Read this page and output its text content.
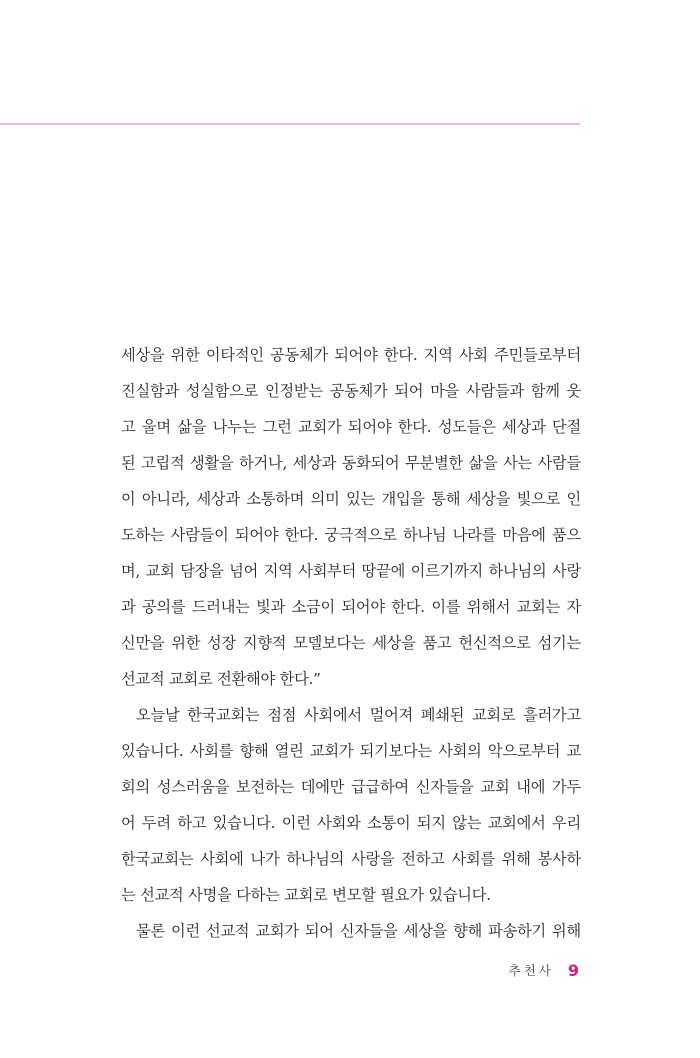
세상을 위한 이타적인 공동체가 되어야 한다. 지역 사회 주민들로부터
진실함과 성실함으로 인정받는 공동체가 되어 마을 사람들과 함께 웃
고 울며 삶을 나누는 그런 교회가 되어야 한다. 성도들은 세상과 단절
된 고립적 생활을 하거나, 세상과 동화되어 무분별한 삶을 사는 사람들
이 아니라, 세상과 소통하며 의미 있는 개입을 통해 세상을 빛으로 인
도하는 사람들이 되어야 한다. 궁극적으로 하나님 나라를 마음에 품으
며, 교회 담장을 넘어 지역 사회부터 땅끝에 이르기까지 하나님의 사랑
과 공의를 드러내는 빛과 소금이 되어야 한다. 이를 위해서 교회는 자
신만을 위한 성장 지향적 모델보다는 세상을 품고 헌신적으로 섬기는
선교적 교회로 전환해야 한다.”
오늘날 한국교회는 점점 사회에서 멀어져 폐쇄된 교회로 흘러가고
있습니다. 사회를 향해 열린 교회가 되기보다는 사회의 악으로부터 교
회의 성스러움을 보전하는 데에만 급급하여 신자들을 교회 내에 가두
어 두려 하고 있습니다. 이런 사회와 소통이 되지 않는 교회에서 우리
한국교회는 사회에 나가 하나님의 사랑을 전하고 사회를 위해 봉사하
는 선교적 사명을 다하는 교회로 변모할 필요가 있습니다.
물론 이런 선교적 교회가 되어 신자들을 세상을 향해 파송하기 위해
추천사 9
